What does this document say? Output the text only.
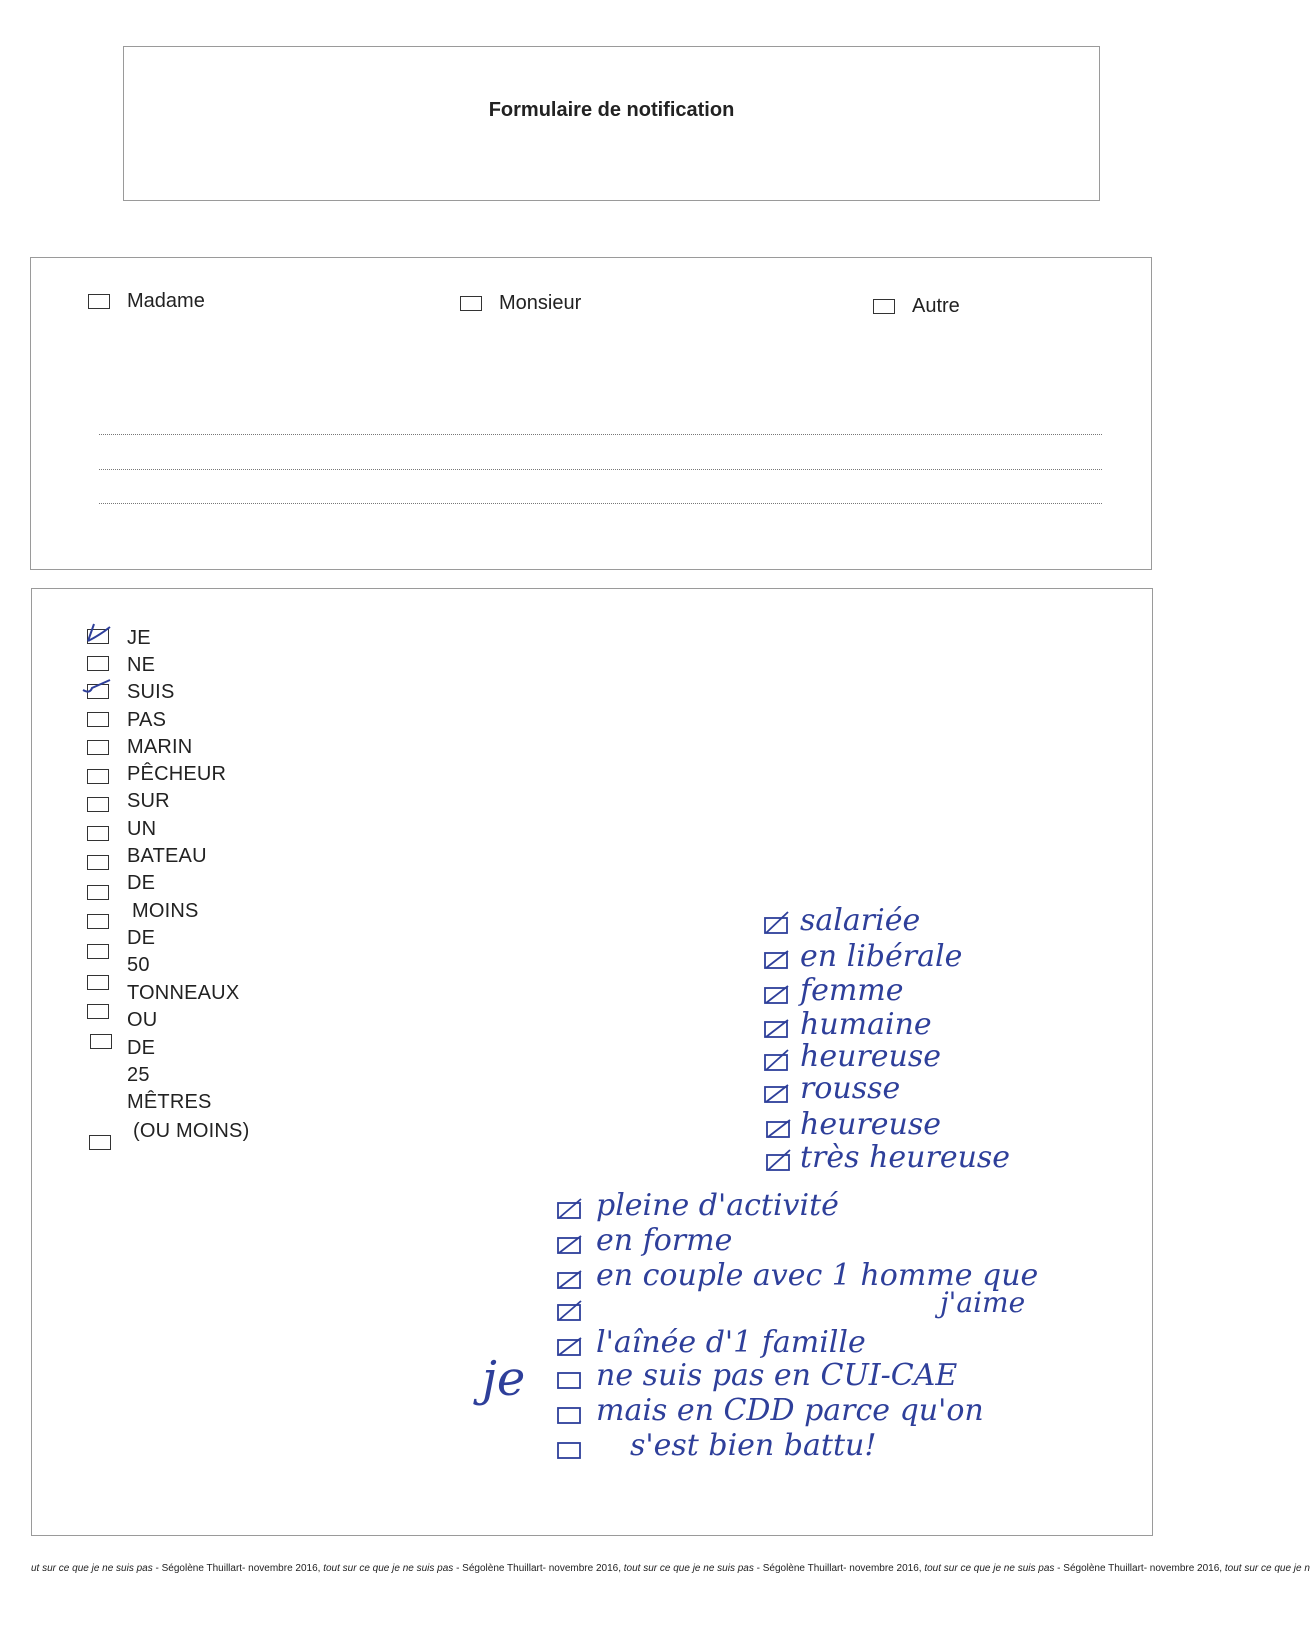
Formulaire de notification
Madame	Monsieur	Autre
JE
NE
SUIS
PAS
MARIN
PÊCHEUR
SUR
UN
BATEAU
DE
MOINS
DE
50
TONNEAUX
OU
DE
25
MÊTRES
(OU MOINS)
salariée
en libérale
femme
humaine
heureuse
rousse
heureuse
très heureuse
pleine d'activité
en forme
en couple avec 1 homme que
j'aime
l'aînée d'1 famille
ne suis pas en CUI-CAE
mais en CDD parce qu'on
s'est bien battu!
je
ut sur ce que je ne suis pas - Ségolène Thuillart- novembre 2016, tout sur ce que je ne suis pas - Ségolène Thuillart- novembre 2016, tout sur ce que je ne suis pas - Ségolène Thuillart- novembre 2016, tout sur ce que je ne suis pas - Ségolène Thuillart- novembre 2016, tout sur ce que je n
